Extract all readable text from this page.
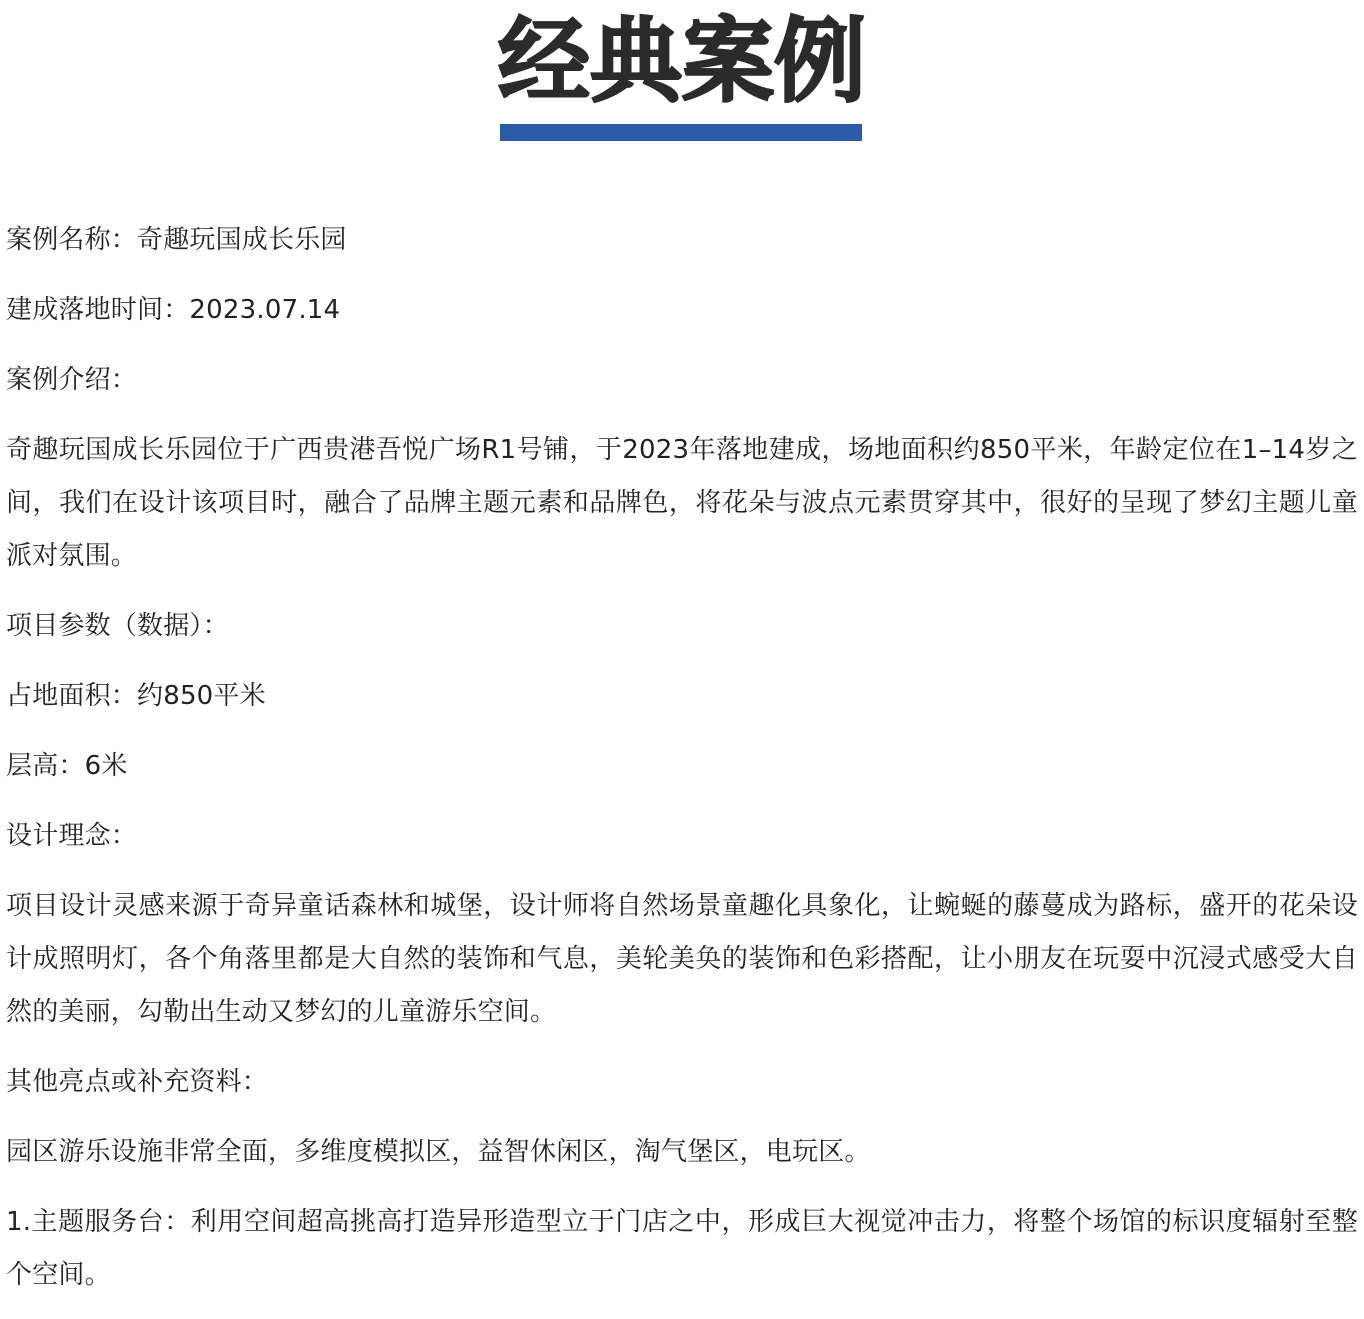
经典案例

案例名称：奇趣玩国成长乐园

建成落地时间：2023.07.14

案例介绍：

奇趣玩国成长乐园位于广西贵港吾悦广场R1号铺，于2023年落地建成，场地面积约850平米，年龄定位在1–14岁之间，我们在设计该项目时，融合了品牌主题元素和品牌色，将花朵与波点元素贯穿其中，很好的呈现了梦幻主题儿童派对氛围。

项目参数（数据）：

占地面积：约850平米

层高：6米

设计理念：

项目设计灵感来源于奇异童话森林和城堡，设计师将自然场景童趣化具象化，让蜿蜒的藤蔓成为路标，盛开的花朵设计成照明灯，各个角落里都是大自然的装饰和气息，美轮美奂的装饰和色彩搭配，让小朋友在玩耍中沉浸式感受大自然的美丽，勾勒出生动又梦幻的儿童游乐空间。

其他亮点或补充资料：

园区游乐设施非常全面，多维度模拟区，益智休闲区，淘气堡区，电玩区。

1.主题服务台：利用空间超高挑高打造异形造型立于门店之中，形成巨大视觉冲击力，将整个场馆的标识度辐射至整个空间。
